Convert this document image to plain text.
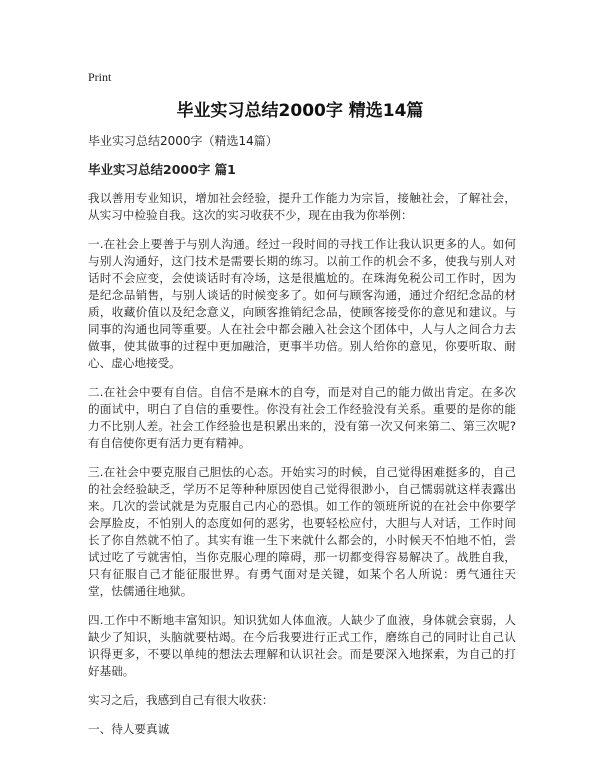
Print
毕业实习总结2000字 精选14篇

毕业实习总结2000字（精选14篇）

毕业实习总结2000字 篇1

我以善用专业知识，增加社会经验，提升工作能力为宗旨，接触社会，了解社会，从实习中检验自我。这次的实习收获不少，现在由我为你举例：

一.在社会上要善于与别人沟通。经过一段时间的寻找工作让我认识更多的人。如何与别人沟通好，这门技术是需要长期的练习。以前工作的机会不多，使我与别人对话时不会应变，会使谈话时有冷场，这是很尴尬的。在珠海免税公司工作时，因为是纪念品销售，与别人谈话的时候变多了。如何与顾客沟通，通过介绍纪念品的材质，收藏价值以及纪念意义，向顾客推销纪念品，使顾客接受你的意见和建议。与同事的沟通也同等重要。人在社会中都会融入社会这个团体中，人与人之间合力去做事，使其做事的过程中更加融洽，更事半功倍。别人给你的意见，你要听取、耐心、虚心地接受。

二.在社会中要有自信。自信不是麻木的自夸，而是对自己的能力做出肯定。在多次的面试中，明白了自信的重要性。你没有社会工作经验没有关系。重要的是你的能力不比别人差。社会工作经验也是积累出来的，没有第一次又何来第二、第三次呢?有自信使你更有活力更有精神。

三.在社会中要克服自己胆怯的心态。开始实习的时候，自己觉得困难挺多的，自己的社会经验缺乏，学历不足等种种原因使自己觉得很渺小，自己懦弱就这样表露出来。几次的尝试就是为克服自己内心的恐惧。如工作的领班所说的在社会中你要学会厚脸皮，不怕别人的态度如何的恶劣，也要轻松应付，大胆与人对话，工作时间长了你自然就不怕了。其实有谁一生下来就什么都会的，小时候天不怕地不怕，尝试过吃了亏就害怕，当你克服心理的障碍，那一切都变得容易解决了。战胜自我，只有征服自己才能征服世界。有勇气面对是关键，如某个名人所说：勇气通往天堂，怯儒通往地狱。

四.工作中不断地丰富知识。知识犹如人体血液。人缺少了血液，身体就会衰弱，人缺少了知识，头脑就要枯竭。在今后我要进行正式工作，磨练自己的同时让自己认识得更多，不要以单纯的想法去理解和认识社会。而是要深入地探索，为自己的打好基础。

实习之后，我感到自己有很大收获：

一、待人要真诚
